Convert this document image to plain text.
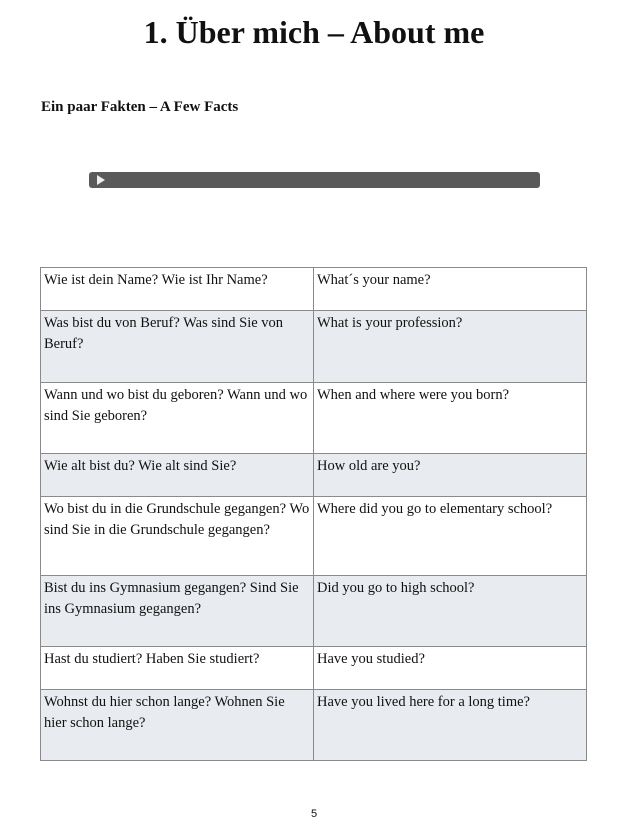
1. Über mich – About me
Ein paar Fakten – A Few Facts
Wie ist dein Name? Wie ist Ihr Name?	What´s your name?
Was bist du von Beruf? Was sind Sie von Beruf?	What is your profession?
Wann und wo bist du geboren? Wann und wo sind Sie geboren?	When and where were you born?
Wie alt bist du? Wie alt sind Sie?	How old are you?
Wo bist du in die Grundschule gegangen? Wo sind Sie in die Grundschule gegangen?	Where did you go to elementary school?
Bist du ins Gymnasium gegangen? Sind Sie ins Gymnasium gegangen?	Did you go to high school?
Hast du studiert? Haben Sie studiert?	Have you studied?
Wohnst du hier schon lange? Wohnen Sie hier schon lange?	Have you lived here for a long time?
5
